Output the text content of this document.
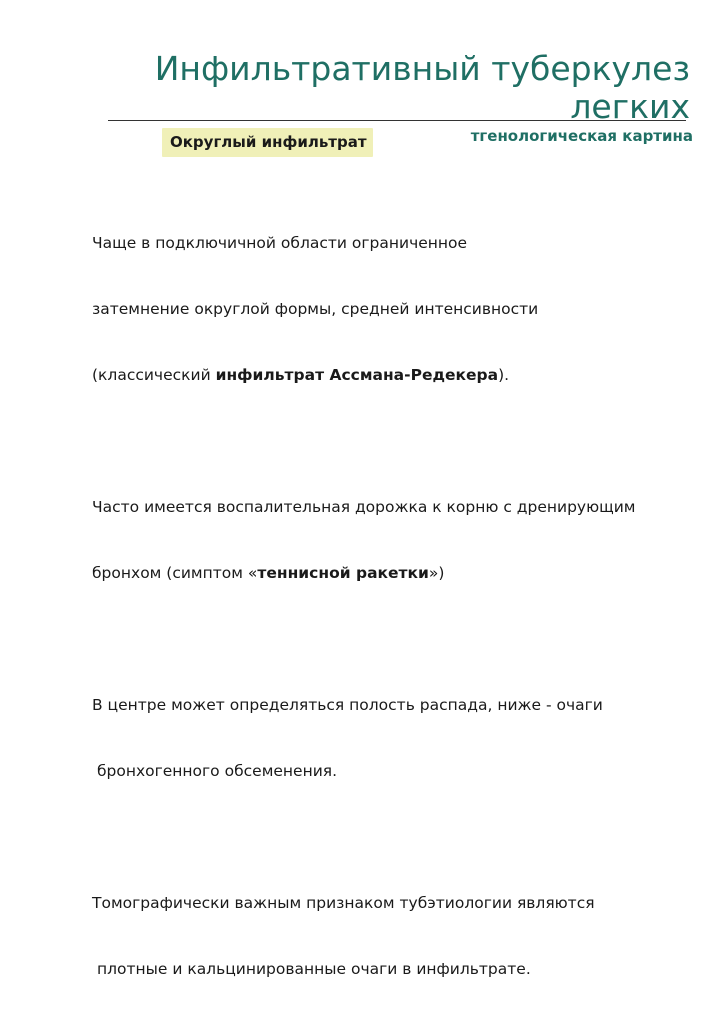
Инфильтративный туберкулез
легких
тгенологическая картина
Округлый инфильтрат

Чаще в подключичной области ограниченное

затемнение округлой формы, средней интенсивности

(классический инфильтрат Ассмана-Редекера).

Часто имеется воспалительная дорожка к корню с дренирующим

бронхом (симптом «теннисной ракетки»)

В центре может определяться полость распада, ниже - очаги

бронхогенного обсеменения.

Томографически важным признаком тубэтиологии являются

плотные и кальцинированные очаги в инфильтрате.
